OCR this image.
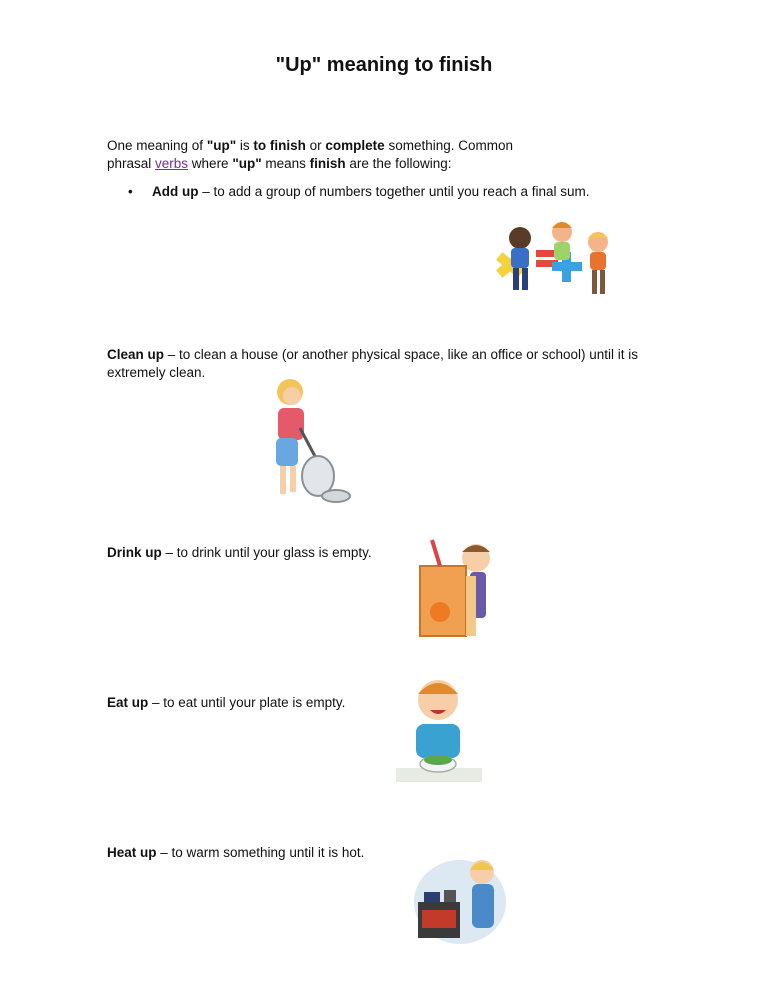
"Up" meaning to finish
One meaning of "up" is to finish or complete something. Common
phrasal verbs where "up" means finish are the following:
• Add up – to add a group of numbers together until you reach a final sum.
Clean up – to clean a house (or another physical space, like an office or school) until it is extremely clean.
Drink up – to drink until your glass is empty.
Eat up – to eat until your plate is empty.
Heat up – to warm something until it is hot.
